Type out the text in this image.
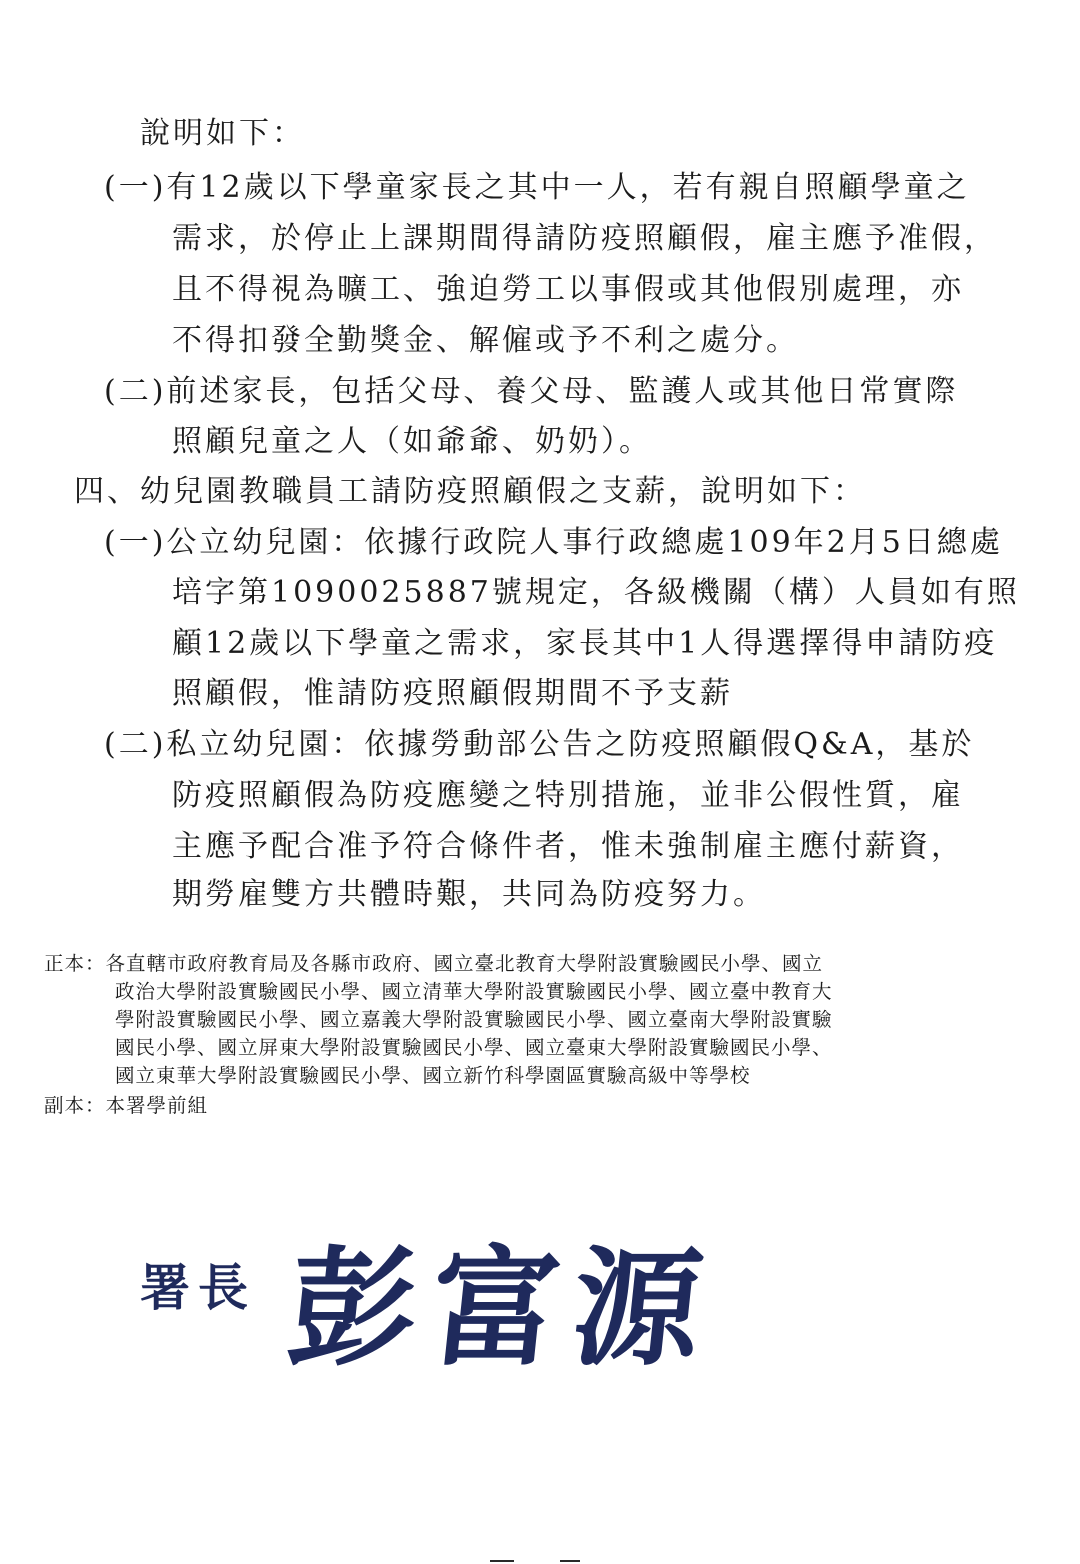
說明如下：
(一)有12歲以下學童家長之其中一人，若有親自照顧學童之
需求，於停止上課期間得請防疫照顧假，雇主應予准假，
且不得視為曠工、強迫勞工以事假或其他假別處理，亦
不得扣發全勤獎金、解僱或予不利之處分。
(二)前述家長，包括父母、養父母、監護人或其他日常實際
照顧兒童之人（如爺爺、奶奶）。
四、幼兒園教職員工請防疫照顧假之支薪，說明如下：
(一)公立幼兒園：依據行政院人事行政總處109年2月5日總處
培字第1090025887號規定，各級機關（構）人員如有照
顧12歲以下學童之需求，家長其中1人得選擇得申請防疫
照顧假，惟請防疫照顧假期間不予支薪
(二)私立幼兒園：依據勞動部公告之防疫照顧假Q&A，基於
防疫照顧假為防疫應變之特別措施，並非公假性質，雇
主應予配合准予符合條件者，惟未強制雇主應付薪資，
期勞雇雙方共體時艱，共同為防疫努力。
正本：各直轄市政府教育局及各縣市政府、國立臺北教育大學附設實驗國民小學、國立
政治大學附設實驗國民小學、國立清華大學附設實驗國民小學、國立臺中教育大
學附設實驗國民小學、國立嘉義大學附設實驗國民小學、國立臺南大學附設實驗
國民小學、國立屏東大學附設實驗國民小學、國立臺東大學附設實驗國民小學、
國立東華大學附設實驗國民小學、國立新竹科學園區實驗高級中等學校
副本：本署學前組
署長 彭富源
